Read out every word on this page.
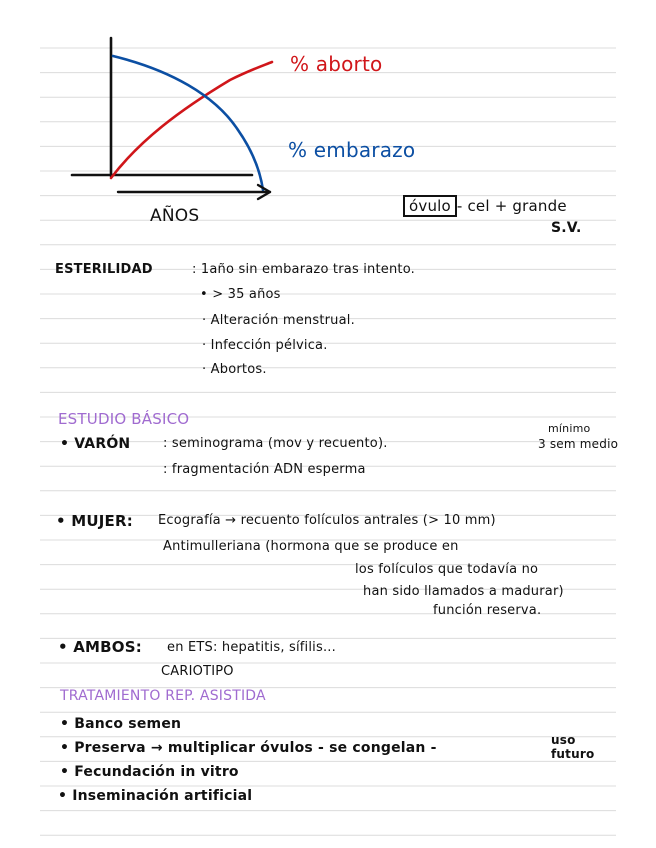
% aborto
% embarazo
AÑOS	óvulo - cel + grande
S.V.
ESTERILIDAD	: 1año sin embarazo tras intento.
• > 35 años
· Alteración menstrual.
· Infección pélvica.
· Abortos.
ESTUDIO BÁSICO
mínimo
• VARÓN	: seminograma (mov y recuento).	3 sem medio
: fragmentación ADN esperma
• MUJER: Ecografía → recuento folículos antrales (> 10 mm)
Antimulleriana (hormona que se produce en
los folículos que todavía no
han sido llamados a madurar)
función reserva.
• AMBOS: en ETS: hepatitis, sífilis...
CARIOTIPO
TRATAMIENTO REP. ASISTIDA
• Banco semen
• Preserva → multiplicar óvulos - se congelan -	uso futuro
• Fecundación in vitro
• Inseminación artificial
